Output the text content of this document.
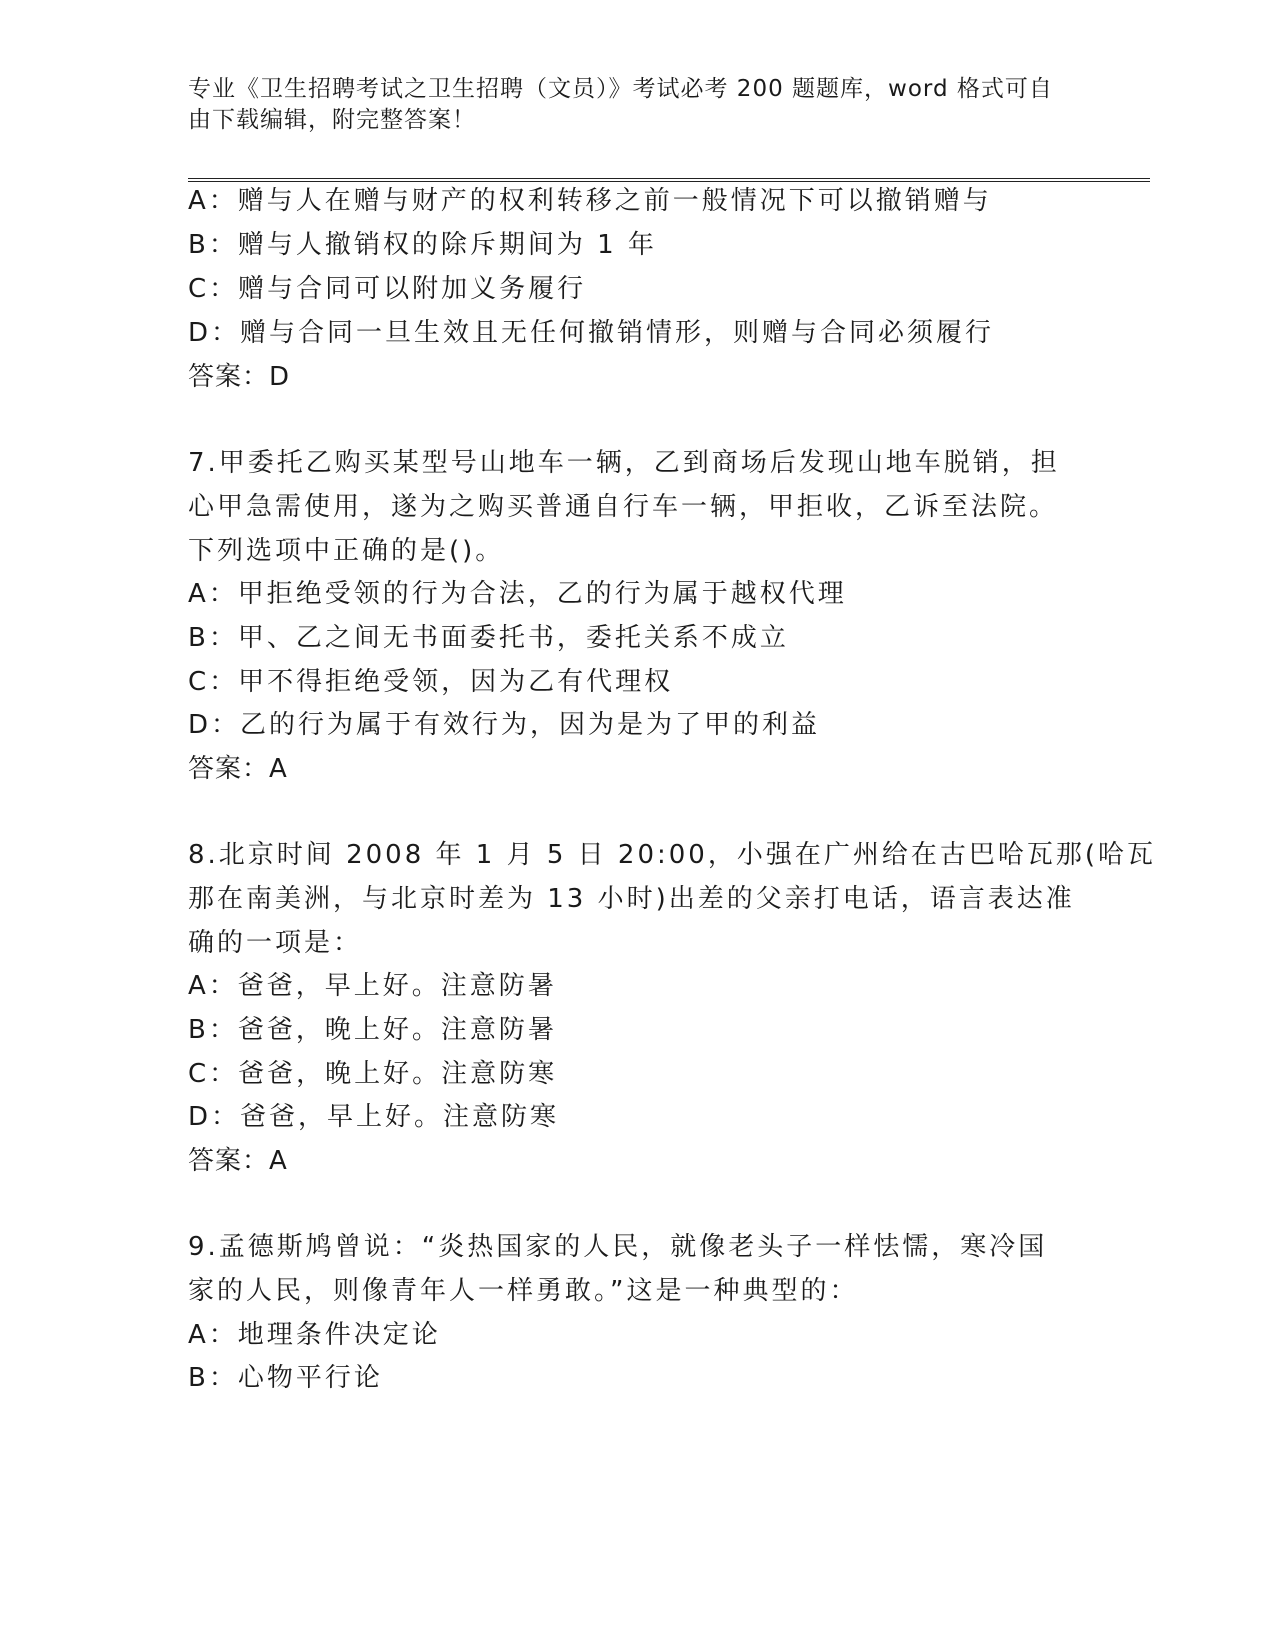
专业《卫生招聘考试之卫生招聘（文员）》考试必考 200 题题库，word 格式可自
由下载编辑，附完整答案！
A：赠与人在赠与财产的权利转移之前一般情况下可以撤销赠与
B：赠与人撤销权的除斥期间为 1 年
C：赠与合同可以附加义务履行
D：赠与合同一旦生效且无任何撤销情形，则赠与合同必须履行
答案：D
7.甲委托乙购买某型号山地车一辆，乙到商场后发现山地车脱销，担
心甲急需使用，遂为之购买普通自行车一辆，甲拒收，乙诉至法院。
下列选项中正确的是()。
A：甲拒绝受领的行为合法，乙的行为属于越权代理
B：甲、乙之间无书面委托书，委托关系不成立
C：甲不得拒绝受领，因为乙有代理权
D：乙的行为属于有效行为，因为是为了甲的利益
答案：A
8.北京时间 2008 年 1 月 5 日 20:00，小强在广州给在古巴哈瓦那(哈瓦
那在南美洲，与北京时差为 13 小时)出差的父亲打电话，语言表达准
确的一项是：
A：爸爸，早上好。注意防暑
B：爸爸，晚上好。注意防暑
C：爸爸，晚上好。注意防寒
D：爸爸，早上好。注意防寒
答案：A
9.孟德斯鸠曾说：“炎热国家的人民，就像老头子一样怯懦，寒冷国
家的人民，则像青年人一样勇敢。”这是一种典型的：
A：地理条件决定论
B：心物平行论
